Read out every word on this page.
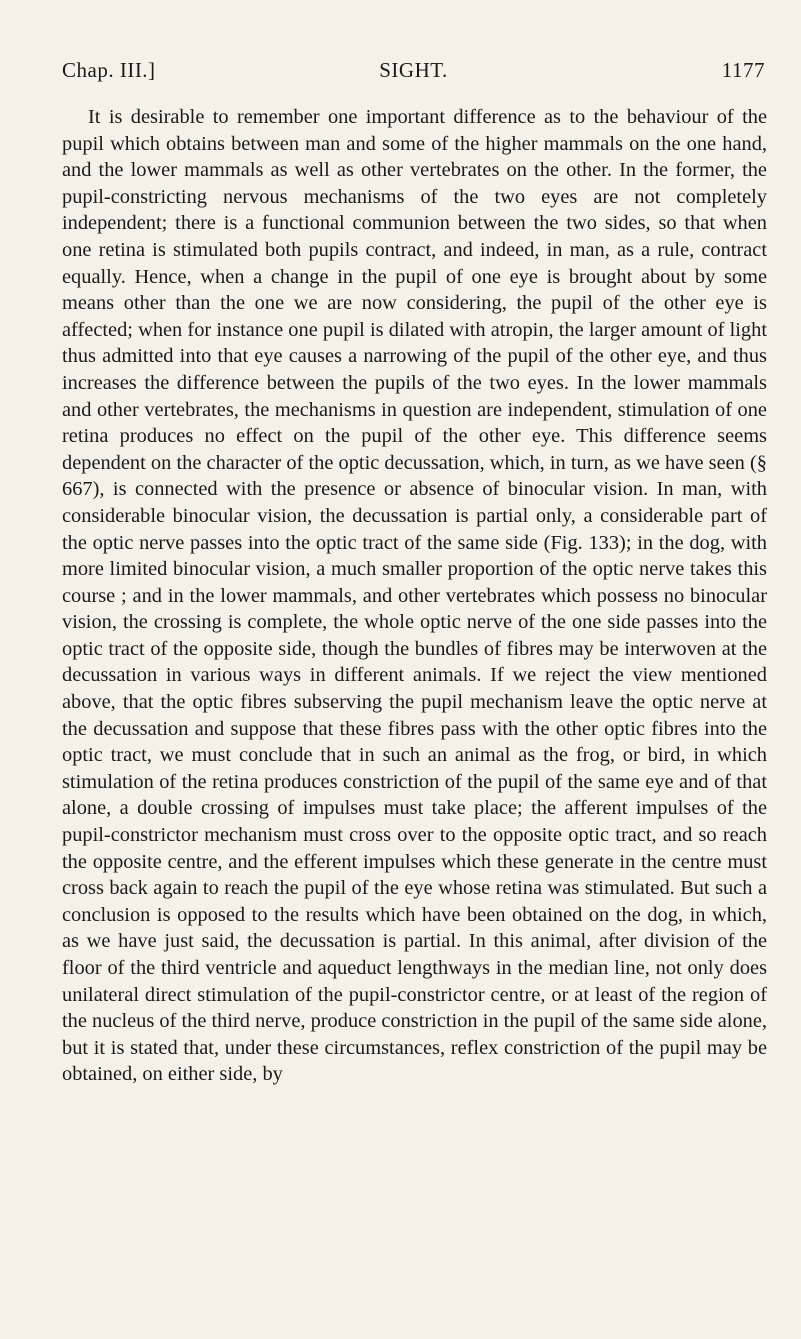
Chap. III.]	SIGHT.	1177

It is desirable to remember one important difference as to the behaviour of the pupil which obtains between man and some of the higher mammals on the one hand, and the lower mammals as well as other vertebrates on the other. In the former, the pupil-constricting nervous mechanisms of the two eyes are not completely independent; there is a functional communion between the two sides, so that when one retina is stimulated both pupils contract, and indeed, in man, as a rule, contract equally. Hence, when a change in the pupil of one eye is brought about by some means other than the one we are now considering, the pupil of the other eye is affected; when for instance one pupil is dilated with atropin, the larger amount of light thus admitted into that eye causes a narrowing of the pupil of the other eye, and thus increases the difference between the pupils of the two eyes. In the lower mammals and other vertebrates, the mechanisms in question are independent, stimulation of one retina produces no effect on the pupil of the other eye. This difference seems dependent on the character of the optic decussation, which, in turn, as we have seen (§ 667), is connected with the presence or absence of binocular vision. In man, with considerable binocular vision, the decussation is partial only, a considerable part of the optic nerve passes into the optic tract of the same side (Fig. 133); in the dog, with more limited binocular vision, a much smaller proportion of the optic nerve takes this course ; and in the lower mammals, and other vertebrates which possess no binocular vision, the crossing is complete, the whole optic nerve of the one side passes into the optic tract of the opposite side, though the bundles of fibres may be interwoven at the decussation in various ways in different animals. If we reject the view mentioned above, that the optic fibres subserving the pupil mechanism leave the optic nerve at the decussation and suppose that these fibres pass with the other optic fibres into the optic tract, we must conclude that in such an animal as the frog, or bird, in which stimulation of the retina produces constriction of the pupil of the same eye and of that alone, a double crossing of impulses must take place; the afferent impulses of the pupil-constrictor mechanism must cross over to the opposite optic tract, and so reach the opposite centre, and the efferent impulses which these generate in the centre must cross back again to reach the pupil of the eye whose retina was stimulated. But such a conclusion is opposed to the results which have been obtained on the dog, in which, as we have just said, the decussation is partial. In this animal, after division of the floor of the third ventricle and aqueduct lengthways in the median line, not only does unilateral direct stimulation of the pupil-constrictor centre, or at least of the region of the nucleus of the third nerve, produce constriction in the pupil of the same side alone, but it is stated that, under these circumstances, reflex constriction of the pupil may be obtained, on either side, by
